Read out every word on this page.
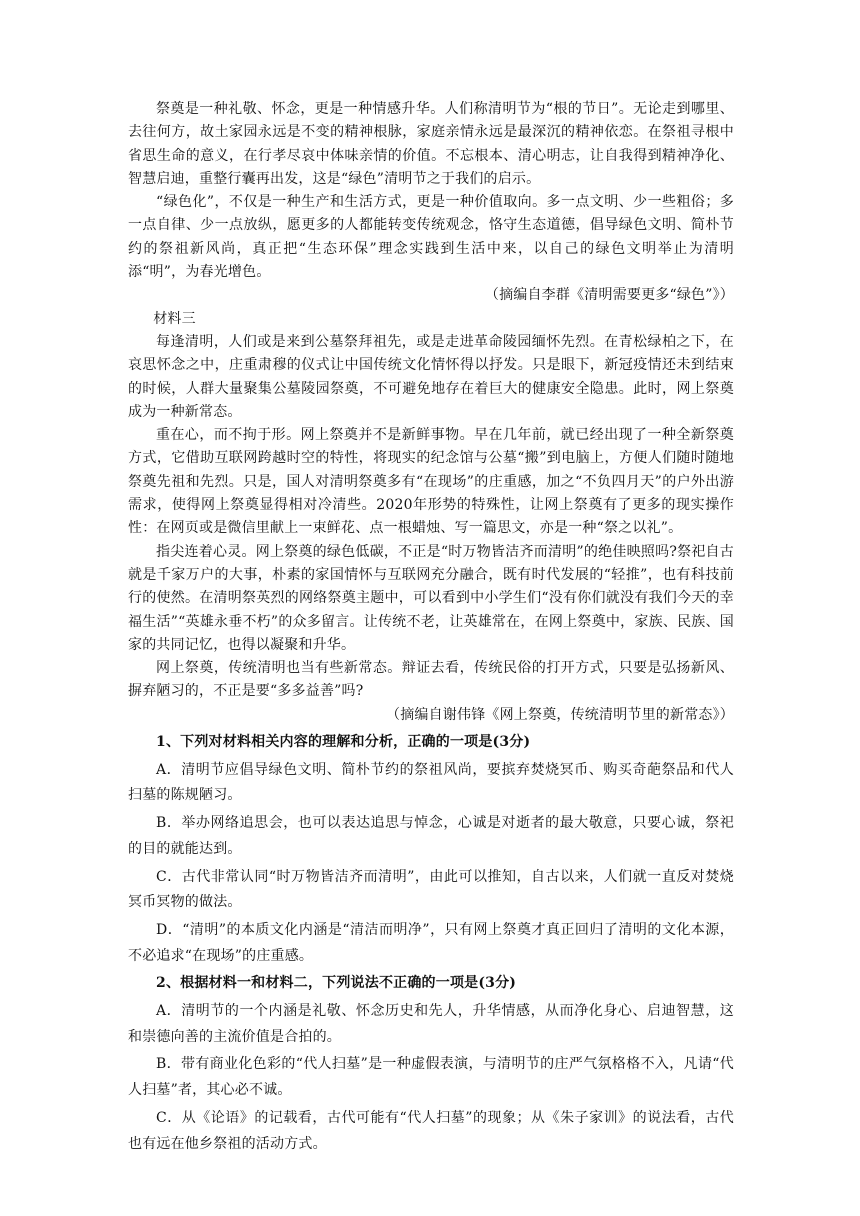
祭奠是一种礼敬、怀念，更是一种情感升华。人们称清明节为“根的节日”。无论走到哪里、去往何方，故土家园永远是不变的精神根脉，家庭亲情永远是最深沉的精神依恋。在祭祖寻根中省思生命的意义，在行孝尽哀中体味亲情的价值。不忘根本、清心明志，让自我得到精神净化、智慧启迪，重整行囊再出发，这是“绿色”清明节之于我们的启示。

“绿色化”，不仅是一种生产和生活方式，更是一种价值取向。多一点文明、少一些粗俗；多一点自律、少一点放纵，愿更多的人都能转变传统观念，恪守生态道德，倡导绿色文明、简朴节约的祭祖新风尚，真正把“生态环保”理念实践到生活中来，以自己的绿色文明举止为清明添“明”，为春光增色。

（摘编自李群《清明需要更多“绿色”》）

材料三

每逢清明，人们或是来到公墓祭拜祖先，或是走进革命陵园缅怀先烈。在青松绿柏之下，在哀思怀念之中，庄重肃穆的仪式让中国传统文化情怀得以抒发。只是眼下，新冠疫情还未到结束的时候，人群大量聚集公墓陵园祭奠，不可避免地存在着巨大的健康安全隐患。此时，网上祭奠成为一种新常态。

重在心，而不拘于形。网上祭奠并不是新鲜事物。早在几年前，就已经出现了一种全新祭奠方式，它借助互联网跨越时空的特性，将现实的纪念馆与公墓“搬”到电脑上，方便人们随时随地祭奠先祖和先烈。只是，国人对清明祭奠多有“在现场”的庄重感，加之“不负四月天”的户外出游需求，使得网上祭奠显得相对冷清些。2020年形势的特殊性，让网上祭奠有了更多的现实操作性：在网页或是微信里献上一束鲜花、点一根蜡烛、写一篇思文，亦是一种“祭之以礼”。

指尖连着心灵。网上祭奠的绿色低碳，不正是“时万物皆洁齐而清明”的绝佳映照吗?祭祀自古就是千家万户的大事，朴素的家国情怀与互联网充分融合，既有时代发展的“轻推”，也有科技前行的使然。在清明祭英烈的网络祭奠主题中，可以看到中小学生们“没有你们就没有我们今天的幸福生活”“英雄永垂不朽”的众多留言。让传统不老，让英雄常在，在网上祭奠中，家族、民族、国家的共同记忆，也得以凝聚和升华。

网上祭奠，传统清明也当有些新常态。辩证去看，传统民俗的打开方式，只要是弘扬新风、摒弃陋习的，不正是要“多多益善”吗?

（摘编自谢伟锋《网上祭奠，传统清明节里的新常态》）

1、下列对材料相关内容的理解和分析，正确的一项是(3分)

A．清明节应倡导绿色文明、简朴节约的祭祖风尚，要摈弃焚烧冥币、购买奇葩祭品和代人扫墓的陈规陋习。

B．举办网络追思会，也可以表达追思与悼念，心诚是对逝者的最大敬意，只要心诚，祭祀的目的就能达到。

C．古代非常认同“时万物皆洁齐而清明”，由此可以推知，自古以来，人们就一直反对焚烧冥币冥物的做法。

D．“清明”的本质文化内涵是“清洁而明净”，只有网上祭奠才真正回归了清明的文化本源，不必追求“在现场”的庄重感。

2、根据材料一和材料二，下列说法不正确的一项是(3分)

A．清明节的一个内涵是礼敬、怀念历史和先人，升华情感，从而净化身心、启迪智慧，这和崇德向善的主流价值是合拍的。

B．带有商业化色彩的“代人扫墓”是一种虚假表演，与清明节的庄严气氛格格不入，凡请“代人扫墓”者，其心必不诚。

C．从《论语》的记载看，古代可能有“代人扫墓”的现象；从《朱子家训》的说法看，古代也有远在他乡祭祖的活动方式。
